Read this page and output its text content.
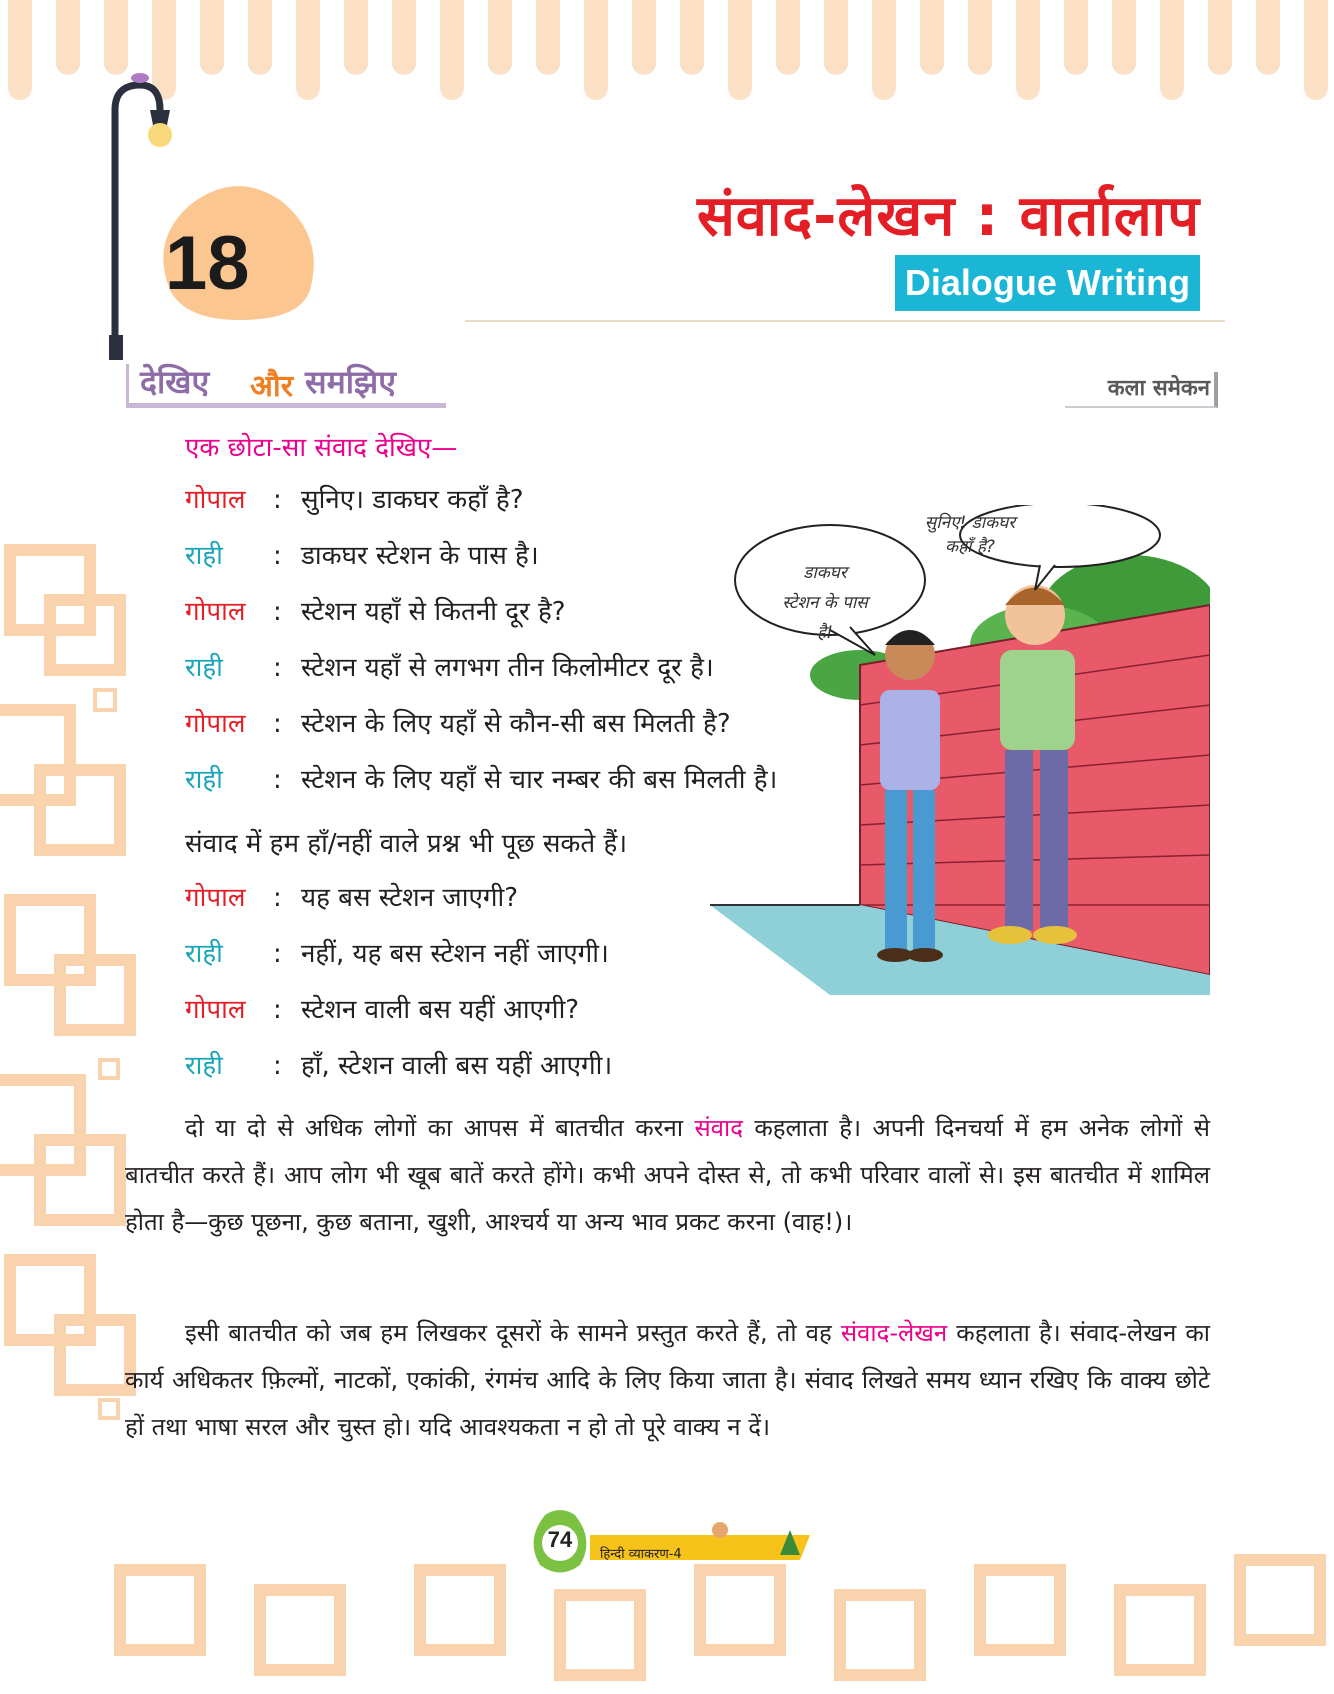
18
संवाद-लेखन : वार्तालाप
Dialogue Writing
देखिए और समझिए	कला समेकन
एक छोटा-सा संवाद देखिए—
गोपाल : सुनिए। डाकघर कहाँ है?
राही : डाकघर स्टेशन के पास है।
गोपाल : स्टेशन यहाँ से कितनी दूर है?
राही : स्टेशन यहाँ से लगभग तीन किलोमीटर दूर है।
गोपाल : स्टेशन के लिए यहाँ से कौन-सी बस मिलती है?
राही : स्टेशन के लिए यहाँ से चार नम्बर की बस मिलती है।
संवाद में हम हाँ/नहीं वाले प्रश्न भी पूछ सकते हैं।
गोपाल : यह बस स्टेशन जाएगी?
राही : नहीं, यह बस स्टेशन नहीं जाएगी।
गोपाल : स्टेशन वाली बस यहीं आएगी?
राही : हाँ, स्टेशन वाली बस यहीं आएगी।
सुनिए! डाकघर
कहाँ है?
डाकघर
स्टेशन के पास
है!
दो या दो से अधिक लोगों का आपस में बातचीत करना संवाद कहलाता है। अपनी दिनचर्या में हम अनेक लोगों से बातचीत करते हैं। आप लोग भी खूब बातें करते होंगे। कभी अपने दोस्त से, तो कभी परिवार वालों से। इस बातचीत में शामिल होता है—कुछ पूछना, कुछ बताना, खुशी, आश्चर्य या अन्य भाव प्रकट करना (वाह!)।
इसी बातचीत को जब हम लिखकर दूसरों के सामने प्रस्तुत करते हैं, तो वह संवाद-लेखन कहलाता है। संवाद-लेखन का कार्य अधिकतर फ़िल्मों, नाटकों, एकांकी, रंगमंच आदि के लिए किया जाता है। संवाद लिखते समय ध्यान रखिए कि वाक्य छोटे हों तथा भाषा सरल और चुस्त हो। यदि आवश्यकता न हो तो पूरे वाक्य न दें।
74
हिन्दी व्याकरण-4
